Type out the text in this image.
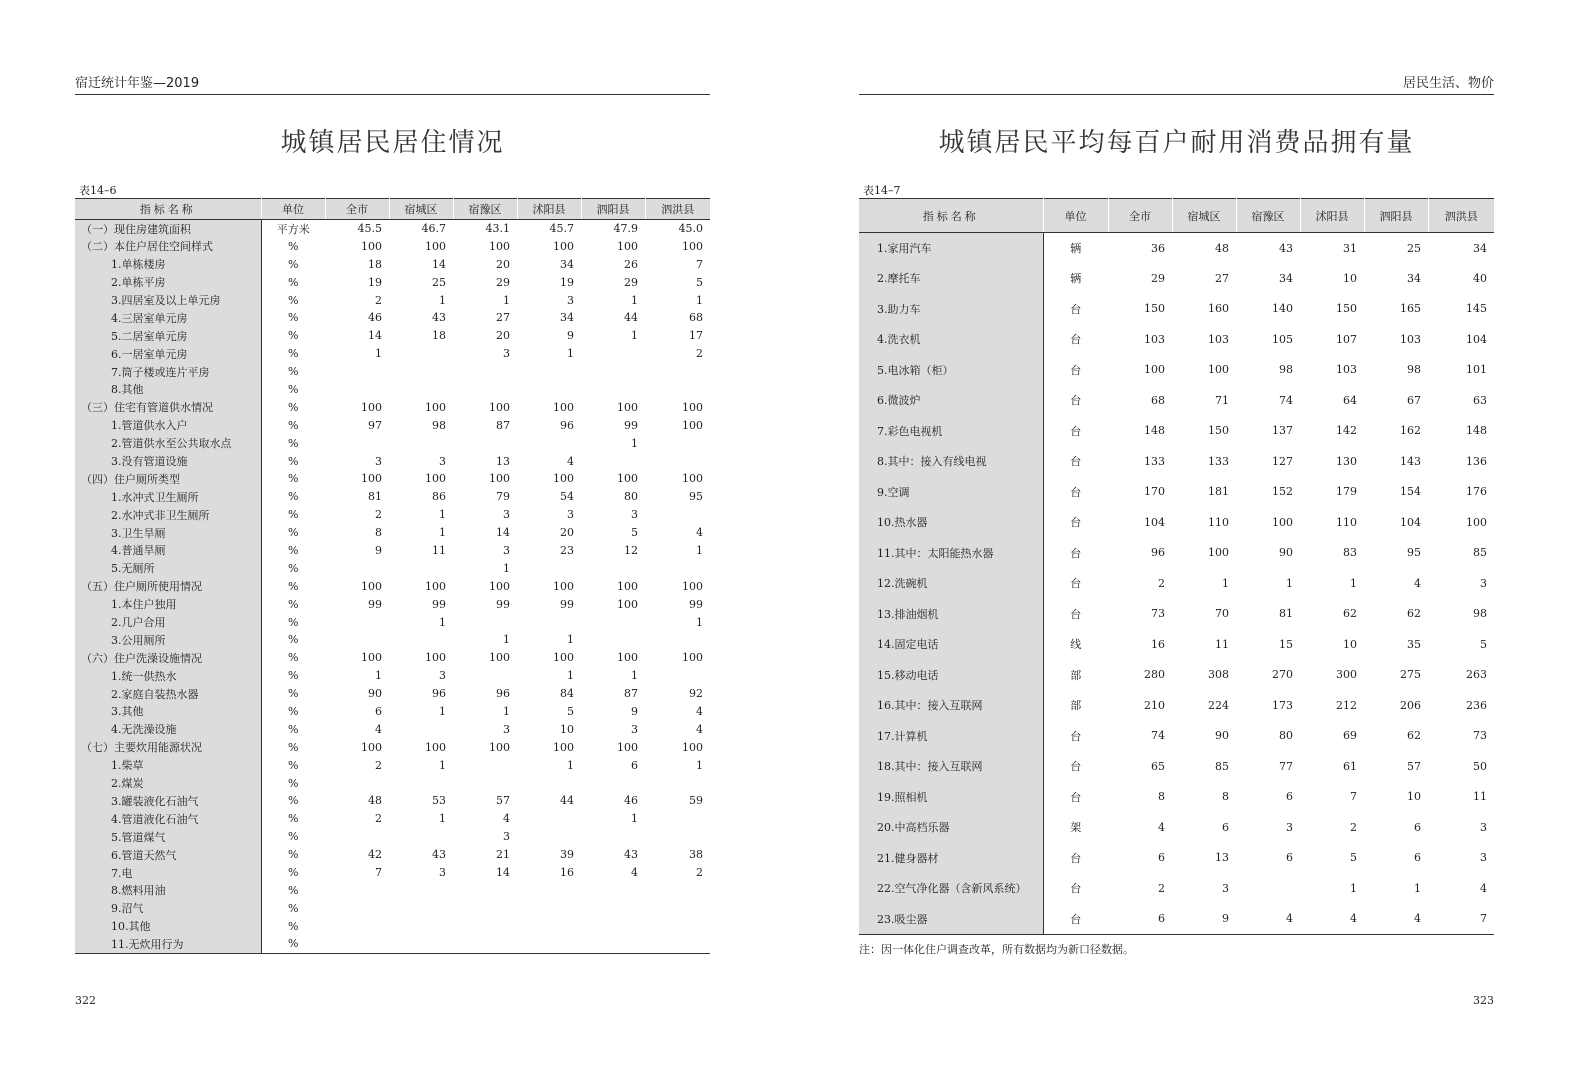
宿迁统计年鉴—2019
城镇居民居住情况
表14–6
指标名称	单位	全市	宿城区	宿豫区	沭阳县	泗阳县	泗洪县
（一）现住房建筑面积	平方米	45.5	46.7	43.1	45.7	47.9	45.0
（二）本住户居住空间样式	%	100	100	100	100	100	100
1.单栋楼房	%	18	14	20	34	26	7
2.单栋平房	%	19	25	29	19	29	5
3.四居室及以上单元房	%	2	1	1	3	1	1
4.三居室单元房	%	46	43	27	34	44	68
5.二居室单元房	%	14	18	20	9	1	17
6.一居室单元房	%	1		3	1		2
7.筒子楼或连片平房	%						
8.其他	%						
（三）住宅有管道供水情况	%	100	100	100	100	100	100
1.管道供水入户	%	97	98	87	96	99	100
2.管道供水至公共取水点	%					1	
3.没有管道设施	%	3	3	13	4		
（四）住户厕所类型	%	100	100	100	100	100	100
1.水冲式卫生厕所	%	81	86	79	54	80	95
2.水冲式非卫生厕所	%	2	1	3	3	3	
3.卫生旱厕	%	8	1	14	20	5	4
4.普通旱厕	%	9	11	3	23	12	1
5.无厕所	%			1			
（五）住户厕所使用情况	%	100	100	100	100	100	100
1.本住户独用	%	99	99	99	99	100	99
2.几户合用	%		1				1
3.公用厕所	%			1	1		
（六）住户洗澡设施情况	%	100	100	100	100	100	100
1.统一供热水	%	1	3		1	1	
2.家庭自装热水器	%	90	96	96	84	87	92
3.其他	%	6	1	1	5	9	4
4.无洗澡设施	%	4		3	10	3	4
（七）主要炊用能源状况	%	100	100	100	100	100	100
1.柴草	%	2	1		1	6	1
2.煤炭	%						
3.罐装液化石油气	%	48	53	57	44	46	59
4.管道液化石油气	%	2	1	4		1	
5.管道煤气	%			3			
6.管道天然气	%	42	43	21	39	43	38
7.电	%	7	3	14	16	4	2
8.燃料用油	%						
9.沼气	%						
10.其他	%						
11.无炊用行为	%						
322
居民生活、物价
城镇居民平均每百户耐用消费品拥有量
表14–7
指标名称	单位	全市	宿城区	宿豫区	沭阳县	泗阳县	泗洪县
1.家用汽车	辆	36	48	43	31	25	34
2.摩托车	辆	29	27	34	10	34	40
3.助力车	台	150	160	140	150	165	145
4.洗衣机	台	103	103	105	107	103	104
5.电冰箱（柜）	台	100	100	98	103	98	101
6.微波炉	台	68	71	74	64	67	63
7.彩色电视机	台	148	150	137	142	162	148
8.其中：接入有线电视	台	133	133	127	130	143	136
9.空调	台	170	181	152	179	154	176
10.热水器	台	104	110	100	110	104	100
11.其中：太阳能热水器	台	96	100	90	83	95	85
12.洗碗机	台	2	1	1	1	4	3
13.排油烟机	台	73	70	81	62	62	98
14.固定电话	线	16	11	15	10	35	5
15.移动电话	部	280	308	270	300	275	263
16.其中：接入互联网	部	210	224	173	212	206	236
17.计算机	台	74	90	80	69	62	73
18.其中：接入互联网	台	65	85	77	61	57	50
19.照相机	台	8	8	6	7	10	11
20.中高档乐器	架	4	6	3	2	6	3
21.健身器材	台	6	13	6	5	6	3
22.空气净化器（含新风系统）	台	2	3		1	1	4
23.吸尘器	台	6	9	4	4	4	7
注：因一体化住户调查改革，所有数据均为新口径数据。
323
